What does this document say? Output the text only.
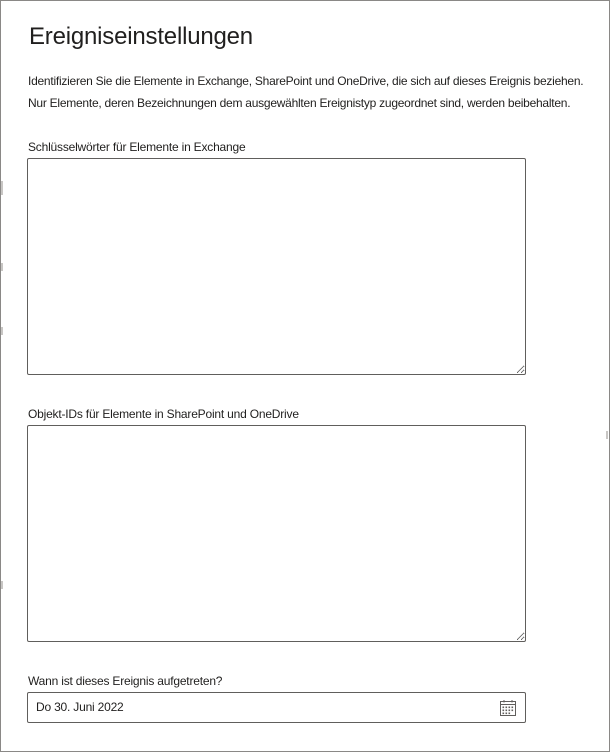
Ereigniseinstellungen
Identifizieren Sie die Elemente in Exchange, SharePoint und OneDrive, die sich auf dieses Ereignis beziehen.
Nur Elemente, deren Bezeichnungen dem ausgewählten Ereignistyp zugeordnet sind, werden beibehalten.
Schlüsselwörter für Elemente in Exchange
Objekt-IDs für Elemente in SharePoint und OneDrive
Wann ist dieses Ereignis aufgetreten?
Do 30. Juni 2022
